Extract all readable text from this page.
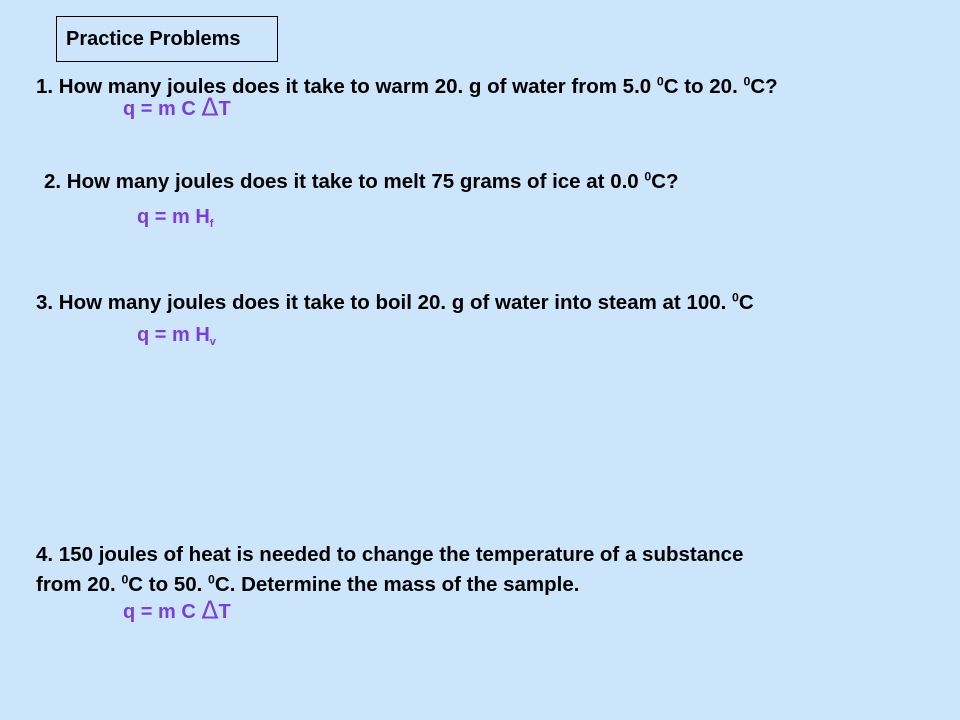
Practice Problems
1. How many joules does it take to warm 20. g of water from 5.0 $^0$C to 20. $^0$C?
q = m C ΔT
2. How many joules does it take to melt 75 grams of ice at 0.0 $^0$C?
q = m $H_f$
3. How many joules does it take to boil 20. g of water into steam at 100. $^0$C
q = m $H_v$
4. 150 joules of heat is needed to change the temperature of a substance
from 20. $^0$C to 50. $^0$C. Determine the mass of the sample.
q = m C ΔT
